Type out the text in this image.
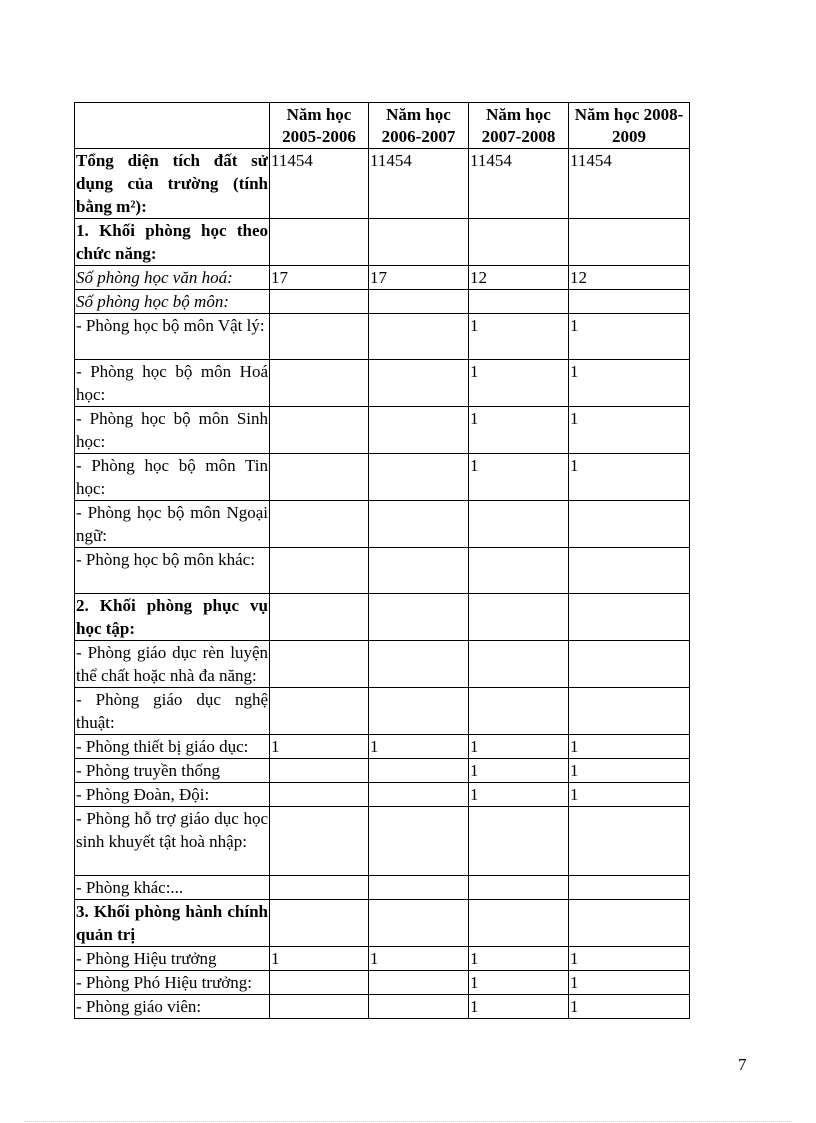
	Năm học 2005-2006	Năm học 2006-2007	Năm học 2007-2008	Năm học 2008-2009
Tổng diện tích đất sử dụng của trường (tính bằng m²):	11454	11454	11454	11454
1. Khối phòng học theo chức năng:				
Số phòng học văn hoá:	17	17	12	12
Số phòng học bộ môn:				
- Phòng học bộ môn Vật lý:			1	1
- Phòng học bộ môn Hoá học:			1	1
- Phòng học bộ môn Sinh học:			1	1
- Phòng học bộ môn Tin học:			1	1
- Phòng học bộ môn Ngoại ngữ:				
- Phòng học bộ môn khác:				
2. Khối phòng phục vụ học tập:				
- Phòng giáo dục rèn luyện thể chất hoặc nhà đa năng:				
- Phòng giáo dục nghệ thuật:				
- Phòng thiết bị giáo dục:	1	1	1	1
- Phòng truyền thống			1	1
- Phòng Đoàn, Đội:			1	1
- Phòng hỗ trợ giáo dục học sinh khuyết tật hoà nhập:				
- Phòng khác:...				
3. Khối phòng hành chính quản trị				
- Phòng Hiệu trưởng	1	1	1	1
- Phòng Phó Hiệu trưởng:			1	1
- Phòng giáo viên:			1	1
7
